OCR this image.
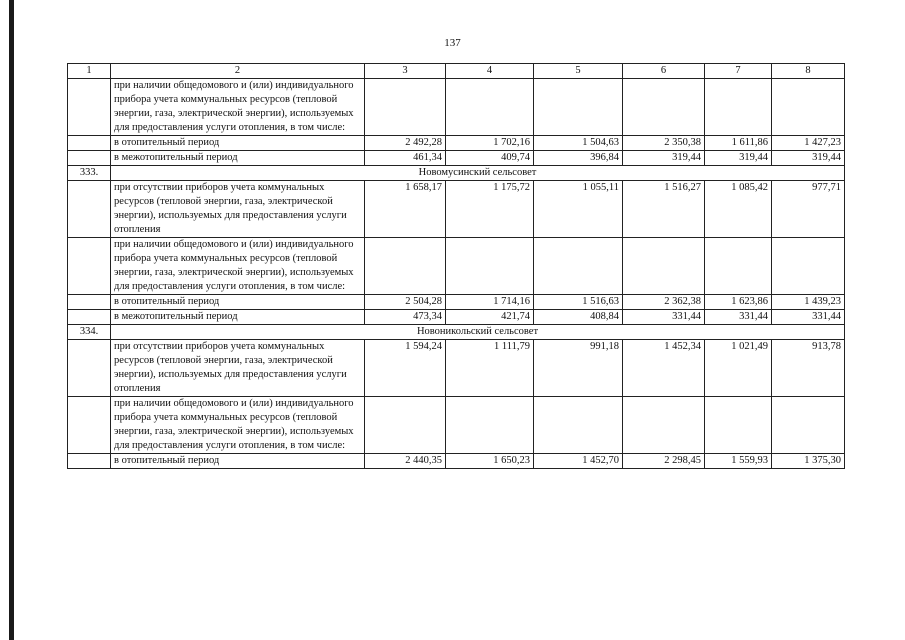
137
1	2	3	4	5	6	7	8
	при наличии общедомового и (или) индивидуального прибора учета коммунальных ресурсов (тепловой энергии, газа, электрической энергии), используемых для предоставления услуги отопления, в том числе:						
	в отопительный период	2 492,28	1 702,16	1 504,63	2 350,38	1 611,86	1 427,23
	в межотопительный период	461,34	409,74	396,84	319,44	319,44	319,44
333.	Новомусинский сельсовет						
	при отсутствии приборов учета коммунальных ресурсов (тепловой энергии, газа, электрической энергии), используемых для предоставления услуги отопления	1 658,17	1 175,72	1 055,11	1 516,27	1 085,42	977,71
	при наличии общедомового и (или) индивидуального прибора учета коммунальных ресурсов (тепловой энергии, газа, электрической энергии), используемых для предоставления услуги отопления, в том числе:						
	в отопительный период	2 504,28	1 714,16	1 516,63	2 362,38	1 623,86	1 439,23
	в межотопительный период	473,34	421,74	408,84	331,44	331,44	331,44
334.	Новоникольский сельсовет						
	при отсутствии приборов учета коммунальных ресурсов (тепловой энергии, газа, электрической энергии), используемых для предоставления услуги отопления	1 594,24	1 111,79	991,18	1 452,34	1 021,49	913,78
	при наличии общедомового и (или) индивидуального прибора учета коммунальных ресурсов (тепловой энергии, газа, электрической энергии), используемых для предоставления услуги отопления, в том числе:						
	в отопительный период	2 440,35	1 650,23	1 452,70	2 298,45	1 559,93	1 375,30
